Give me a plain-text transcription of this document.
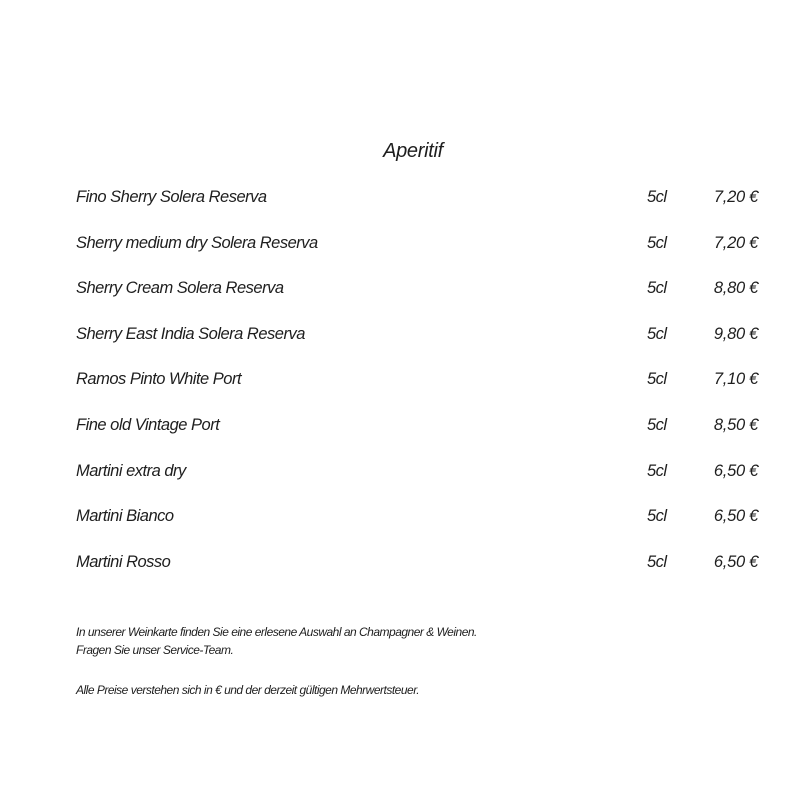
Aperitif
Fino Sherry Solera Reserva	5cl	7,20 €
Sherry medium dry Solera Reserva	5cl	7,20 €
Sherry Cream Solera Reserva	5cl	8,80 €
Sherry East India Solera Reserva	5cl	9,80 €
Ramos Pinto White Port	5cl	7,10 €
Fine old Vintage Port	5cl	8,50 €
Martini extra dry	5cl	6,50 €
Martini Bianco	5cl	6,50 €
Martini Rosso	5cl	6,50 €
In unserer Weinkarte finden Sie eine erlesene Auswahl an Champagner & Weinen.
Fragen Sie unser Service-Team.
Alle Preise verstehen sich in € und der derzeit gültigen Mehrwertsteuer.
